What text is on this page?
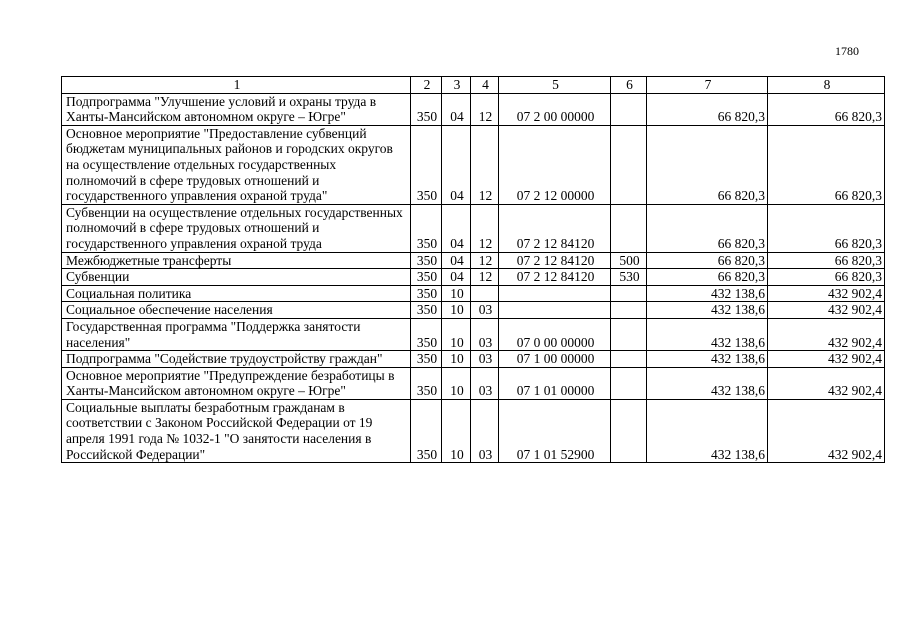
1780
1	2	3	4	5	6	7	8
Подпрограмма "Улучшение условий и охраны труда в Ханты-Мансийском автономном округе – Югре"	350	04	12	07 2 00 00000		66 820,3	66 820,3
Основное мероприятие "Предоставление субвенций бюджетам муниципальных районов и городских округов на осуществление отдельных государственных полномочий в сфере трудовых отношений и государственного управления охраной труда"	350	04	12	07 2 12 00000		66 820,3	66 820,3
Субвенции на осуществление отдельных государственных полномочий в сфере трудовых отношений и государственного управления охраной труда	350	04	12	07 2 12 84120		66 820,3	66 820,3
Межбюджетные трансферты	350	04	12	07 2 12 84120	500	66 820,3	66 820,3
Субвенции	350	04	12	07 2 12 84120	530	66 820,3	66 820,3
Социальная политика	350	10				432 138,6	432 902,4
Социальное обеспечение населения	350	10	03			432 138,6	432 902,4
Государственная программа "Поддержка занятости населения"	350	10	03	07 0 00 00000		432 138,6	432 902,4
Подпрограмма "Содействие трудоустройству граждан"	350	10	03	07 1 00 00000		432 138,6	432 902,4
Основное мероприятие "Предупреждение безработицы в Ханты-Мансийском автономном округе – Югре"	350	10	03	07 1 01 00000		432 138,6	432 902,4
Социальные выплаты безработным гражданам в соответствии с Законом Российской Федерации от 19 апреля 1991 года № 1032-1 "О занятости населения в Российской Федерации"	350	10	03	07 1 01 52900		432 138,6	432 902,4
